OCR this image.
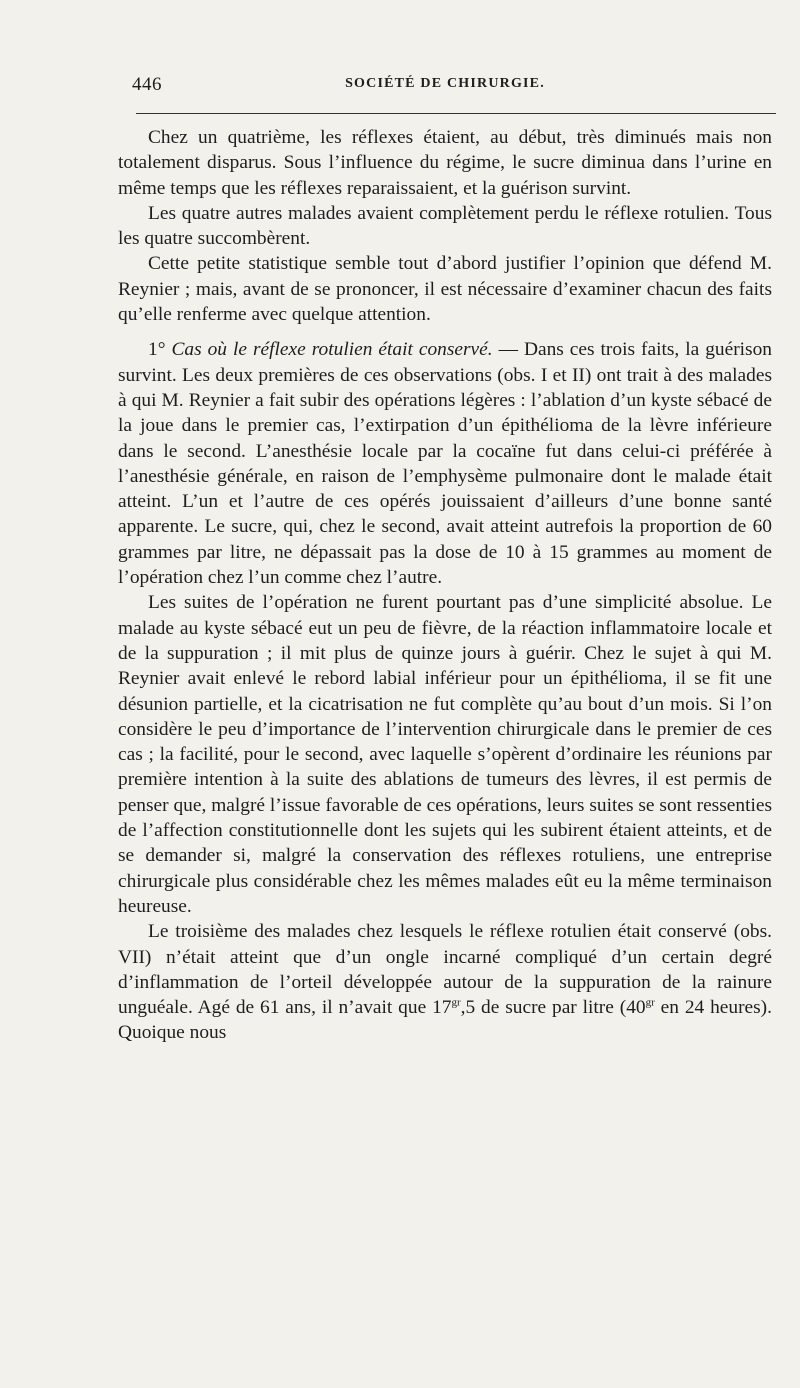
446	SOCIÉTÉ DE CHIRURGIE.

Chez un quatrième, les réflexes étaient, au début, très diminués mais non totalement disparus. Sous l’influence du régime, le sucre diminua dans l’urine en même temps que les réflexes reparaissaient, et la guérison survint.

Les quatre autres malades avaient complètement perdu le réflexe rotulien. Tous les quatre succombèrent.

Cette petite statistique semble tout d’abord justifier l’opinion que défend M. Reynier ; mais, avant de se prononcer, il est nécessaire d’examiner chacun des faits qu’elle renferme avec quelque attention.

1° Cas où le réflexe rotulien était conservé. — Dans ces trois faits, la guérison survint. Les deux premières de ces observations (obs. I et II) ont trait à des malades à qui M. Reynier a fait subir des opérations légères : l’ablation d’un kyste sébacé de la joue dans le premier cas, l’extirpation d’un épithélioma de la lèvre inférieure dans le second. L’anesthésie locale par la cocaïne fut dans celui-ci préférée à l’anesthésie générale, en raison de l’emphysème pulmonaire dont le malade était atteint. L’un et l’autre de ces opérés jouissaient d’ailleurs d’une bonne santé apparente. Le sucre, qui, chez le second, avait atteint autrefois la proportion de 60 grammes par litre, ne dépassait pas la dose de 10 à 15 grammes au moment de l’opération chez l’un comme chez l’autre.

Les suites de l’opération ne furent pourtant pas d’une simplicité absolue. Le malade au kyste sébacé eut un peu de fièvre, de la réaction inflammatoire locale et de la suppuration ; il mit plus de quinze jours à guérir. Chez le sujet à qui M. Reynier avait enlevé le rebord labial inférieur pour un épithélioma, il se fit une désunion partielle, et la cicatrisation ne fut complète qu’au bout d’un mois. Si l’on considère le peu d’importance de l’intervention chirurgicale dans le premier de ces cas ; la facilité, pour le second, avec laquelle s’opèrent d’ordinaire les réunions par première intention à la suite des ablations de tumeurs des lèvres, il est permis de penser que, malgré l’issue favorable de ces opérations, leurs suites se sont ressenties de l’affection constitutionnelle dont les sujets qui les subirent étaient atteints, et de se demander si, malgré la conservation des réflexes rotuliens, une entreprise chirurgicale plus considérable chez les mêmes malades eût eu la même terminaison heureuse.

Le troisième des malades chez lesquels le réflexe rotulien était conservé (obs. VII) n’était atteint que d’un ongle incarné compliqué d’un certain degré d’inflammation de l’orteil développée autour de la suppuration de la rainure unguéale. Agé de 61 ans, il n’avait que $17^{gr},5$ de sucre par litre ($40^{gr}$ en 24 heures). Quoique nous
